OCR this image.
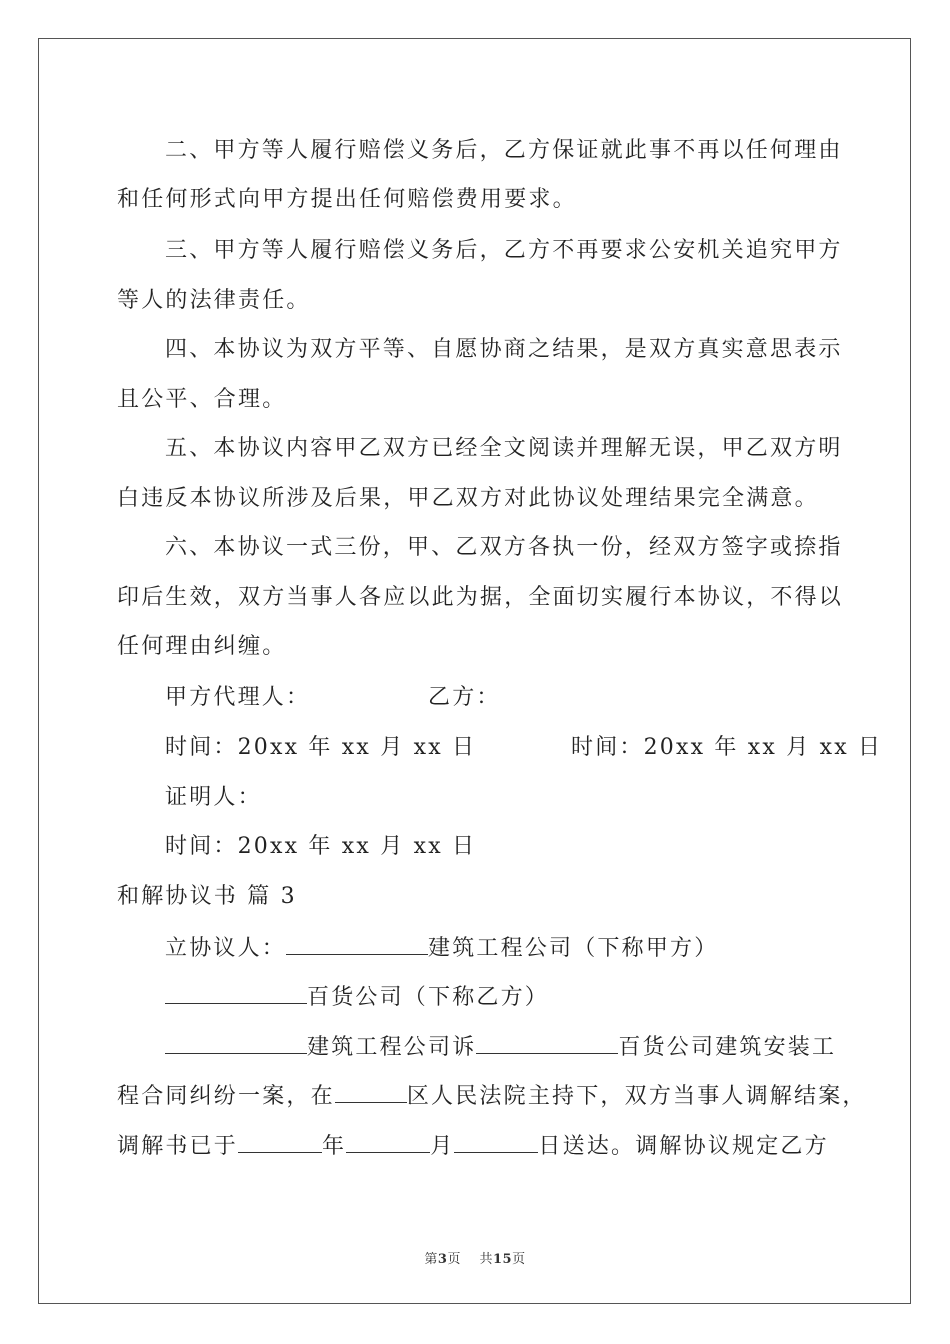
二、甲方等人履行赔偿义务后，乙方保证就此事不再以任何理由
和任何形式向甲方提出任何赔偿费用要求。
三、甲方等人履行赔偿义务后，乙方不再要求公安机关追究甲方
等人的法律责任。
四、本协议为双方平等、自愿协商之结果，是双方真实意思表示
且公平、合理。
五、本协议内容甲乙双方已经全文阅读并理解无误，甲乙双方明
白违反本协议所涉及后果，甲乙双方对此协议处理结果完全满意。
六、本协议一式三份，甲、乙双方各执一份，经双方签字或捺指
印后生效，双方当事人各应以此为据，全面切实履行本协议，不得以
任何理由纠缠。
甲方代理人：	乙方：
时间：20xx 年 xx 月 xx 日	时间：20xx 年 xx 月 xx 日
证明人：
时间：20xx 年 xx 月 xx 日
和解协议书 篇 3
立协议人：	建筑工程公司（下称甲方）
百货公司（下称乙方）
建筑工程公司诉	百货公司建筑安装工
程合同纠纷一案，在	区人民法院主持下，双方当事人调解结案，
调解书已于	年	月	日送达。调解协议规定乙方
第3页    共15页
